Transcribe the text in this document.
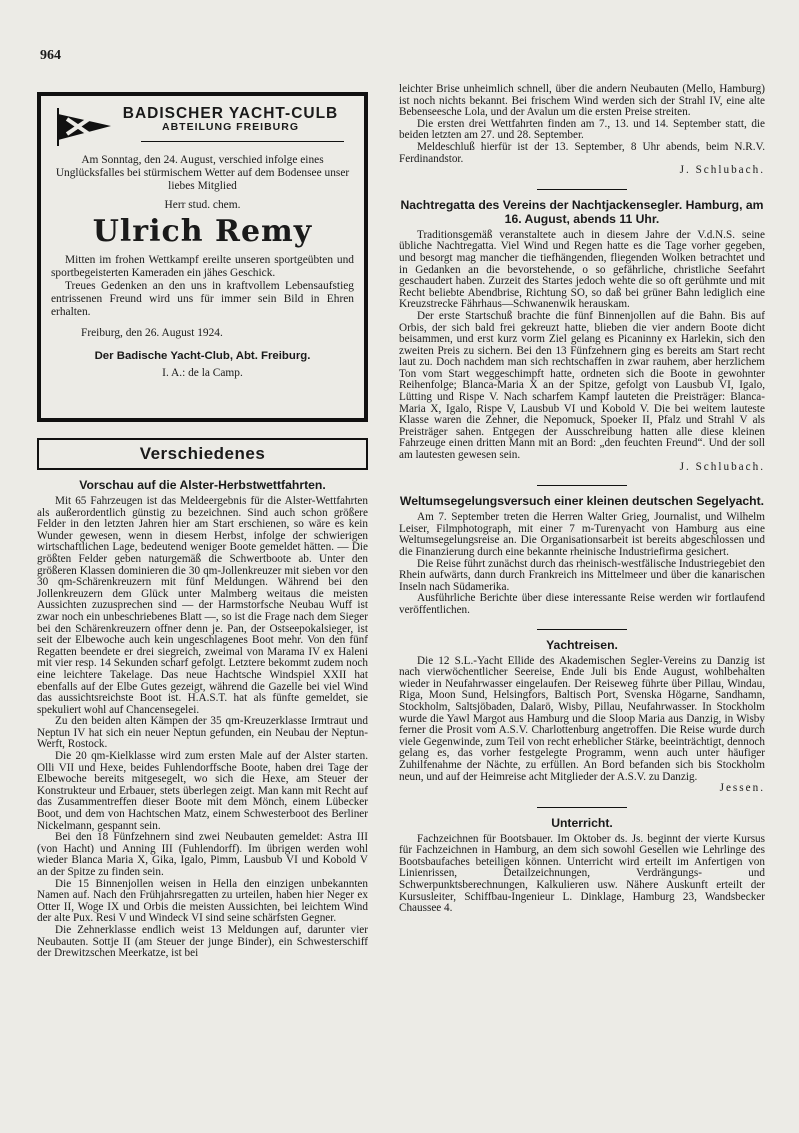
964
BADISCHER YACHT-CULB
ABTEILUNG FREIBURG

Am Sonntag, den 24. August, verschied infolge eines Unglücksfalles bei stürmischem Wetter auf dem Bodensee unser liebes Mitglied

Herr stud. chem.

Ulrich Remy

Mitten im frohen Wettkampf ereilte unseren sportgeübten und sportbegeisterten Kameraden ein jähes Geschick.

Treues Gedenken an den uns in kraftvollem Lebensaufstieg entrissenen Freund wird uns für immer sein Bild in Ehren erhalten.

Freiburg, den 26. August 1924.

Der Badische Yacht-Club, Abt. Freiburg.

I. A.: de la Camp.

Verschiedenes
Vorschau auf die Alster-Herbstwettfahrten.

Mit 65 Fahrzeugen ist das Meldeergebnis für die Alster-Wettfahrten als außerordentlich günstig zu bezeichnen. Sind auch schon größere Felder in den letzten Jahren hier am Start erschienen, so wäre es kein Wunder gewesen, wenn in diesem Herbst, infolge der schwierigen wirtschaftlichen Lage, bedeutend weniger Boote gemeldet hätten. — Die größten Felder geben naturgemäß die Schwertboote ab. Unter den größeren Klassen dominieren die 30 qm-Jollenkreuzer mit sieben vor den 30 qm-Schärenkreuzern mit fünf Meldungen. Während bei den Jollenkreuzern dem Glück unter Malmberg weitaus die meisten Aussichten zuzusprechen sind — der Harmstorfsche Neubau Wuff ist zwar noch ein unbeschriebenes Blatt —, so ist die Frage nach dem Sieger bei den Schärenkreuzern offner denn je. Pan, der Ostseepokalsieger, ist seit der Elbewoche auch kein ungeschlagenes Boot mehr. Von den fünf Regatten beendete er drei siegreich, zweimal von Marama IV ex Haleni mit vier resp. 14 Sekunden scharf gefolgt. Letztere bekommt zudem noch eine leichtere Takelage. Das neue Hachtsche Windspiel XXII hat ebenfalls auf der Elbe Gutes gezeigt, während die Gazelle bei viel Wind das aussichtsreichste Boot ist. H.A.S.T. hat als fünfte gemeldet, sie spekuliert wohl auf Chancensegelei.

Zu den beiden alten Kämpen der 35 qm-Kreuzerklasse Irmtraut und Neptun IV hat sich ein neuer Neptun gefunden, ein Neubau der Neptun-Werft, Rostock.

Die 20 qm-Kielklasse wird zum ersten Male auf der Alster starten. Olli VII und Hexe, beides Fuhlendorffsche Boote, haben drei Tage der Elbewoche bereits mitgesegelt, wo sich die Hexe, am Steuer der Konstrukteur und Erbauer, stets überlegen zeigt. Man kann mit Recht auf das Zusammentreffen dieser Boote mit dem Mönch, einem Lübecker Boot, und dem von Hachtschen Matz, einem Schwesterboot des Berliner Nickelmann, gespannt sein.

Bei den 18 Fünfzehnern sind zwei Neubauten gemeldet: Astra III (von Hacht) und Anning III (Fuhlendorff). Im übrigen werden wohl wieder Blanca Maria X, Gika, Igalo, Pimm, Lausbub VI und Kobold V an der Spitze zu finden sein.

Die 15 Binnenjollen weisen in Hella den einzigen unbekannten Namen auf. Nach den Frühjahrsregatten zu urteilen, haben hier Neger ex Otter II, Woge IX und Orbis die meisten Aussichten, bei leichtem Wind der alte Pux. Resi V und Windeck VI sind seine schärfsten Gegner.

Die Zehnerklasse endlich weist 13 Meldungen auf, darunter vier Neubauten. Sottje II (am Steuer der junge Binder), ein Schwesterschiff der Drewitzschen Meerkatze, ist bei

leichter Brise unheimlich schnell, über die andern Neubauten (Mello, Hamburg) ist noch nichts bekannt. Bei frischem Wind werden sich der Strahl IV, eine alte Bebenseesche Lola, und der Avalun um die ersten Preise streiten.

Die ersten drei Wettfahrten finden am 7., 13. und 14. September statt, die beiden letzten am 27. und 28. September.

Meldeschluß hierfür ist der 13. September, 8 Uhr abends, beim N.R.V. Ferdinandstor.

J. Schlubach.
Nachtregatta des Vereins der Nachtjackensegler. Hamburg, am 16. August, abends 11 Uhr.

Traditionsgemäß veranstaltete auch in diesem Jahre der V.d.N.S. seine übliche Nachtregatta. Viel Wind und Regen hatte es die Tage vorher gegeben, und besorgt mag mancher die tiefhängenden, fliegenden Wolken betrachtet und in Gedanken an die bevorstehende, o so gefährliche, christliche Seefahrt geschaudert haben. Zurzeit des Startes jedoch wehte die so oft gerühmte und mit Recht beliebte Abendbrise, Richtung SO, so daß bei grüner Bahn lediglich eine Kreuzstrecke Fährhaus—Schwanenwik herauskam.

Der erste Startschuß brachte die fünf Binnenjollen auf die Bahn. Bis auf Orbis, der sich bald frei gekreuzt hatte, blieben die vier andern Boote dicht beisammen, und erst kurz vorm Ziel gelang es Picaninny ex Harlekin, sich den zweiten Preis zu sichern. Bei den 13 Fünfzehnern ging es bereits am Start recht laut zu. Doch nachdem man sich rechtschaffen in zwar rauhem, aber herzlichem Ton vom Start weggeschimpft hatte, ordneten sich die Boote in gewohnter Reihenfolge; Blanca-Maria X an der Spitze, gefolgt von Lausbub VI, Igalo, Lütting und Rispe V. Nach scharfem Kampf lauteten die Preisträger: Blanca-Maria X, Igalo, Rispe V, Lausbub VI und Kobold V. Die bei weitem lauteste Klasse waren die Zehner, die Nepomuck, Spoeker II, Pfalz und Strahl V als Preisträger sahen. Entgegen der Ausschreibung hatten alle diese kleinen Fahrzeuge einen dritten Mann mit an Bord: „den feuchten Freund“. Und der soll am lautesten gewesen sein.

J. Schlubach.
Weltumsegelungsversuch einer kleinen deutschen Segelyacht.

Am 7. September treten die Herren Walter Grieg, Journalist, und Wilhelm Leiser, Filmphotograph, mit einer 7 m-Turenyacht von Hamburg aus eine Weltumsegelungsreise an. Die Organisationsarbeit ist bereits abgeschlossen und die Finanzierung durch eine bekannte rheinische Industriefirma gesichert.

Die Reise führt zunächst durch das rheinisch-westfälische Industriegebiet den Rhein aufwärts, dann durch Frankreich ins Mittelmeer und über die kanarischen Inseln nach Südamerika.

Ausführliche Berichte über diese interessante Reise werden wir fortlaufend veröffentlichen.

Yachtreisen.

Die 12 S.L.-Yacht Ellide des Akademischen Segler-Vereins zu Danzig ist nach vierwöchentlicher Seereise, Ende Juli bis Ende August, wohlbehalten wieder in Neufahrwasser eingelaufen. Der Reiseweg führte über Pillau, Windau, Riga, Moon Sund, Helsingfors, Baltisch Port, Svenska Högarne, Sandhamn, Stockholm, Saltsjöbaden, Dalarö, Wisby, Pillau, Neufahrwasser. In Stockholm wurde die Yawl Margot aus Hamburg und die Sloop Maria aus Danzig, in Wisby ferner die Prosit vom A.S.V. Charlottenburg angetroffen. Die Reise wurde durch viele Gegenwinde, zum Teil von recht erheblicher Stärke, beeinträchtigt, dennoch gelang es, das vorher festgelegte Programm, wenn auch unter häufiger Zuhilfenahme der Nächte, zu erfüllen. An Bord befanden sich bis Stockholm neun, und auf der Heimreise acht Mitglieder der A.S.V. zu Danzig.

Jessen.
Unterricht.

Fachzeichnen für Bootsbauer. Im Oktober ds. Js. beginnt der vierte Kursus für Fachzeichnen in Hamburg, an dem sich sowohl Gesellen wie Lehrlinge des Bootsbaufaches beteiligen können. Unterricht wird erteilt im Anfertigen von Linienrissen, Detailzeichnungen, Verdrängungs- und Schwerpunktsberechnungen, Kalkulieren usw. Nähere Auskunft erteilt der Kursusleiter, Schiffbau-Ingenieur L. Dinklage, Hamburg 23, Wandsbecker Chaussee 4.
